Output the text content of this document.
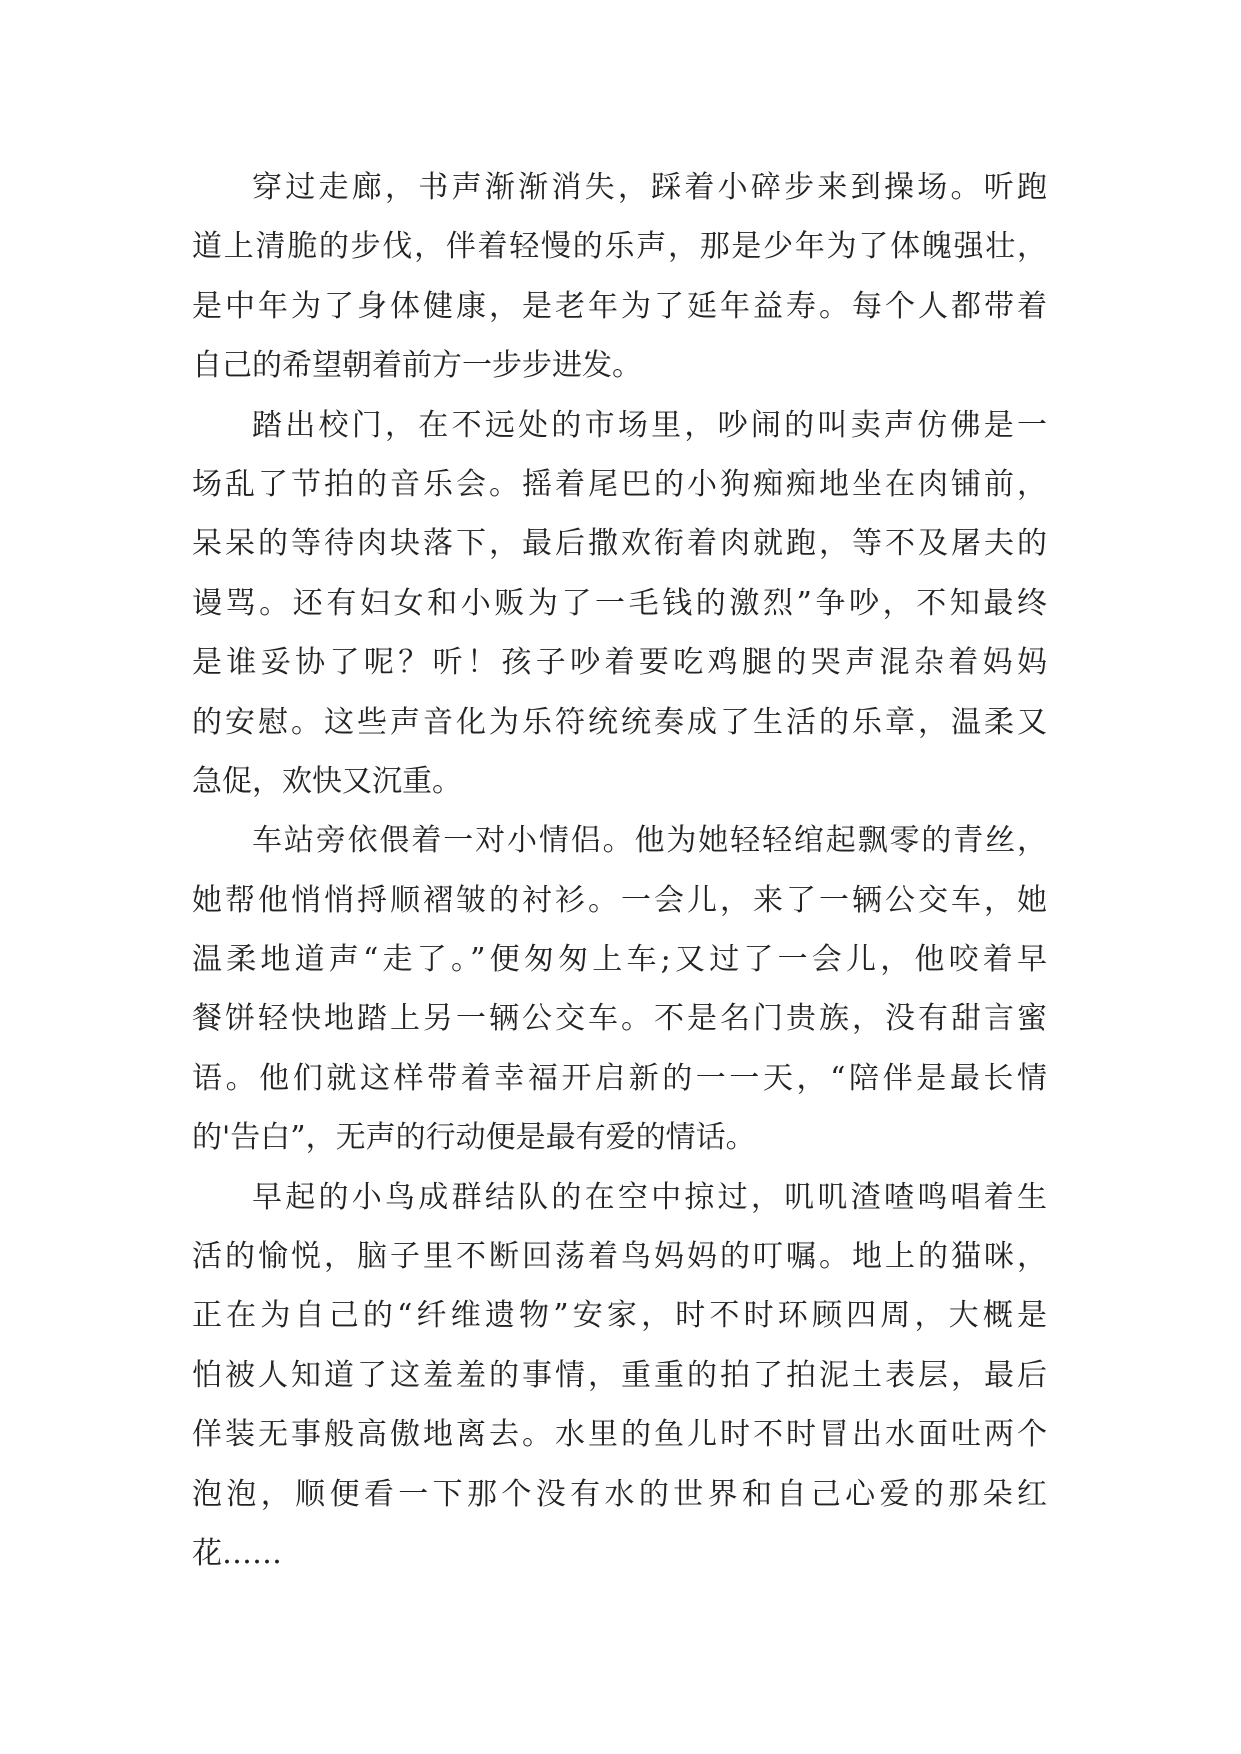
穿过走廊，书声渐渐消失，踩着小碎步来到操场。听跑
道上清脆的步伐，伴着轻慢的乐声，那是少年为了体魄强壮，
是中年为了身体健康，是老年为了延年益寿。每个人都带着
自己的希望朝着前方一步步进发。
踏出校门，在不远处的市场里，吵闹的叫卖声仿佛是一
场乱了节拍的音乐会。摇着尾巴的小狗痴痴地坐在肉铺前，
呆呆的等待肉块落下，最后撒欢衔着肉就跑，等不及屠夫的
谩骂。还有妇女和小贩为了一毛钱的激烈”争吵，不知最终
是谁妥协了呢？听！孩子吵着要吃鸡腿的哭声混杂着妈妈
的安慰。这些声音化为乐符统统奏成了生活的乐章，温柔又
急促，欢快又沉重。
车站旁依偎着一对小情侣。他为她轻轻绾起飘零的青丝，
她帮他悄悄捋顺褶皱的衬衫。一会儿，来了一辆公交车，她
温柔地道声“走了。”便匆匆上车;又过了一会儿，他咬着早
餐饼轻快地踏上另一辆公交车。不是名门贵族，没有甜言蜜
语。他们就这样带着幸福开启新的一一天，“陪伴是最长情
的'告白”，无声的行动便是最有爱的情话。
早起的小鸟成群结队的在空中掠过，叽叽渣喳鸣唱着生
活的愉悦，脑子里不断回荡着鸟妈妈的叮嘱。地上的猫咪，
正在为自己的“纤维遗物”安家，时不时环顾四周，大概是
怕被人知道了这羞羞的事情，重重的拍了拍泥土表层，最后
佯装无事般高傲地离去。水里的鱼儿时不时冒出水面吐两个
泡泡，顺便看一下那个没有水的世界和自己心爱的那朵红
花……
